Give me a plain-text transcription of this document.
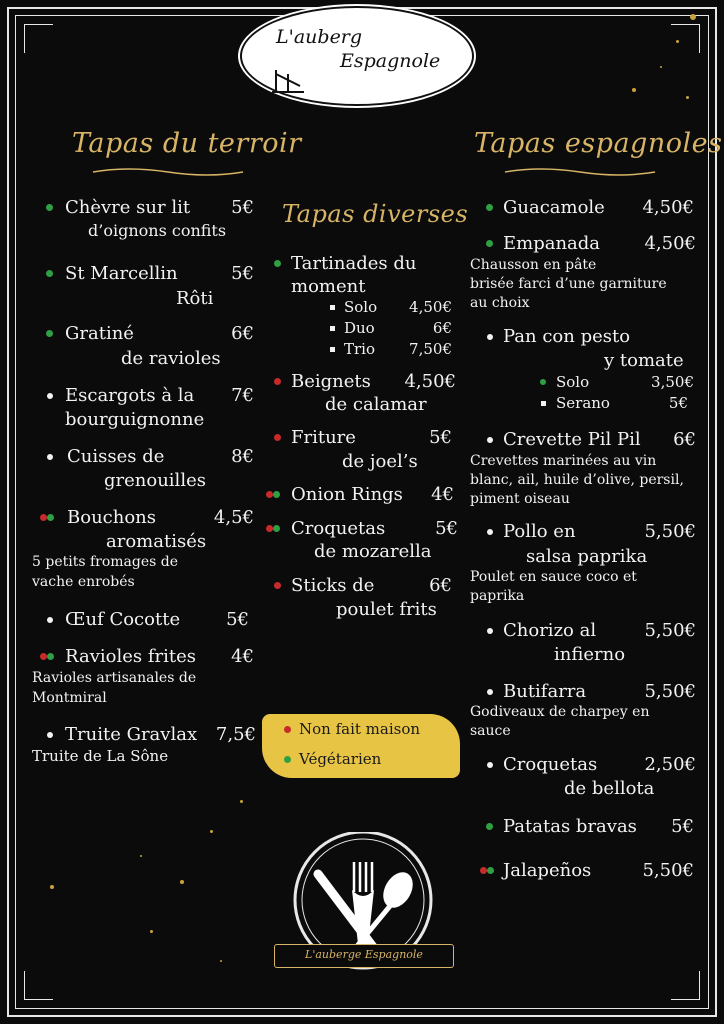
L'auberg
Espagnole
Tapas du terroir
Tapas diverses
Tapas espagnoles
Chèvre sur lit	5€
d’oignons confits
St Marcellin	5€
Rôti
Gratiné	6€
de ravioles
Escargots à la	7€
bourguignonne
Cuisses de	8€
grenouilles
Bouchons	4,5€
aromatisés
5 petits fromages de
vache enrobés
Œuf Cocotte	5€
Ravioles frites	4€
Ravioles artisanales de
Montmiral
Truite Gravlax	7,5€
Truite de La Sône
Tartinades du
moment
Solo	4,50€
Duo	6€
Trio	7,50€
Beignets	4,50€
de calamar
Friture	5€
de joel’s
Onion Rings	4€
Croquetas	5€
de mozarella
Sticks de	6€
poulet frits
Non fait maison
Végétarien
Guacamole	4,50€
Empanada	4,50€
Chausson en pâte
brisée farci d’une garniture
au choix
Pan con pesto
y tomate
Solo	3,50€
Serano	5€
Crevette Pil Pil	6€
Crevettes marinées au vin
blanc, ail, huile d’olive, persil,
piment oiseau
Pollo en	5,50€
salsa paprika
Poulet en sauce coco et
paprika
Chorizo al	5,50€
infierno
Butifarra	5,50€
Godiveaux de charpey en
sauce
Croquetas	2,50€
de bellota
Patatas bravas	5€
Jalapeños	5,50€
L'auberge Espagnole
